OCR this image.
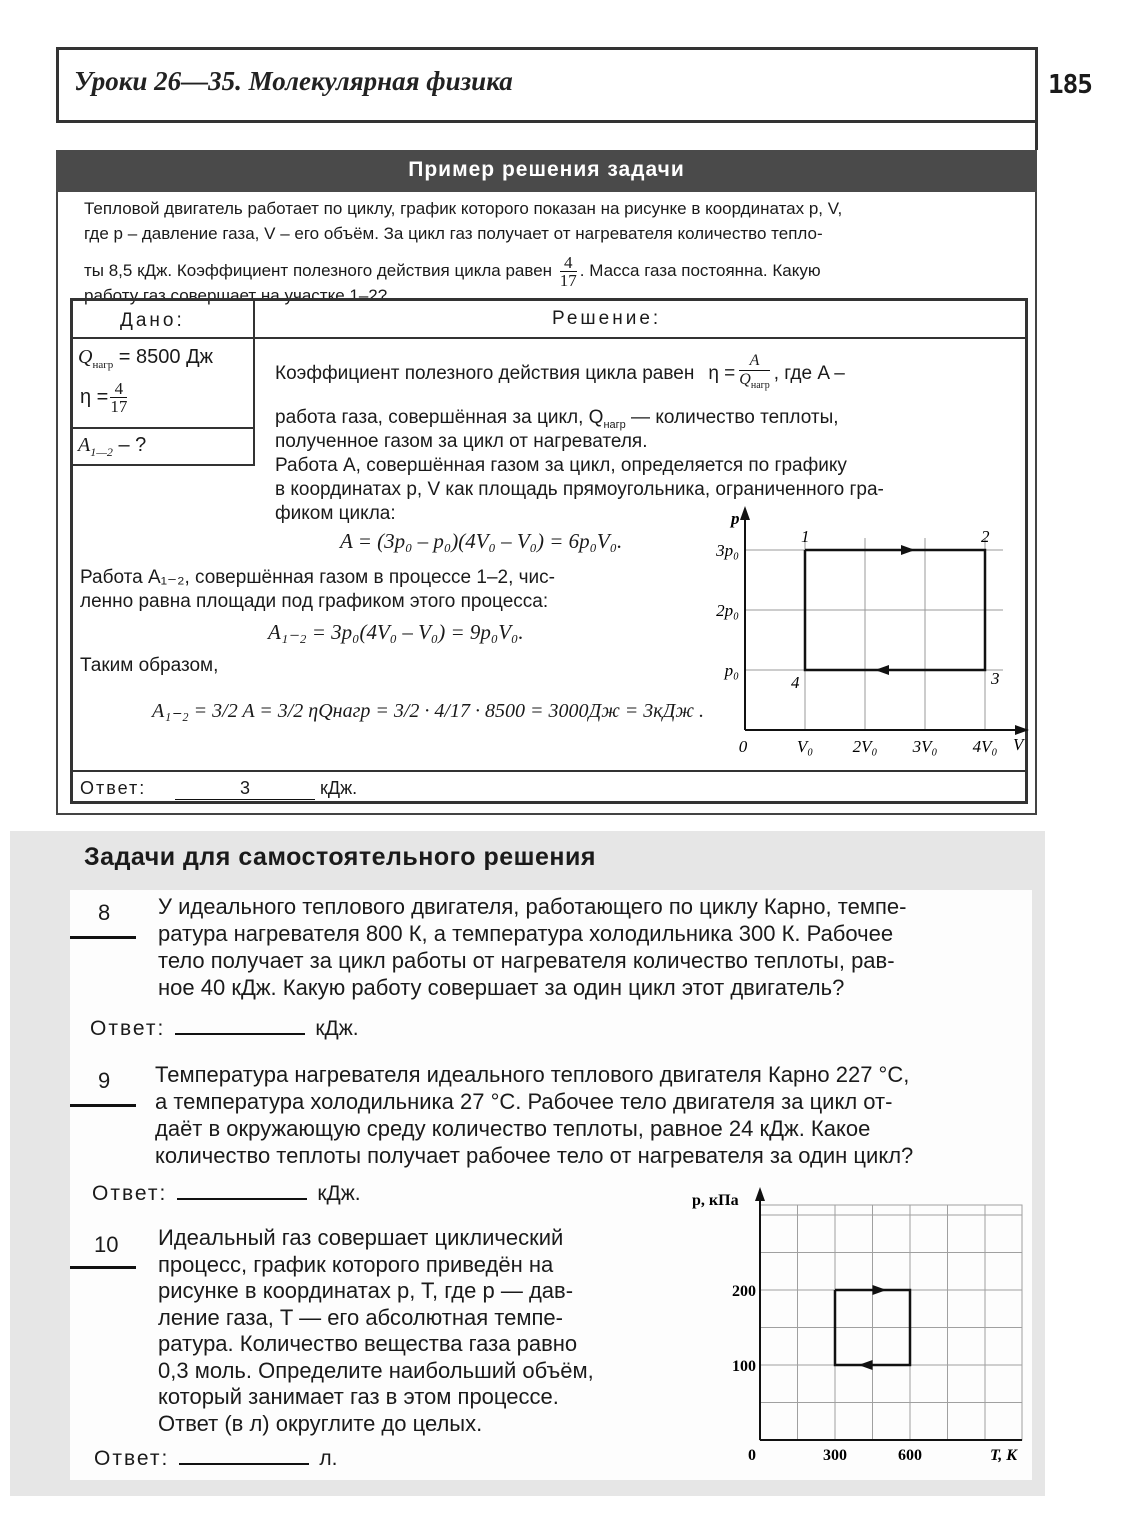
Уроки 26—35. Молекулярная физика	185
Пример решения задачи
Тепловой двигатель работает по циклу, график которого показан на рисунке в координатах p, V,
где p – давление газа, V – его объём. За цикл газ получает от нагревателя количество тепло-
ты 8,5 кДж. Коэффициент полезного действия цикла равен $\frac{4}{17}$ . Масса газа постоянна. Какую
работу газ совершает на участке 1–2?
Дано:	Решение:
$Q_{нагр} = 8500$ Дж
$\eta = \frac{4}{17}$
$A_{1—2}$ – ?
Коэффициент полезного действия цикла равен η =
A
$Q_{нагр}$
, где A –
работа газа, совершённая за цикл, $Q_{нагр}$ — количество теплоты,
полученное газом за цикл от нагревателя.
Работа A, совершённая газом за цикл, определяется по графику
в координатах p, V как площадь прямоугольника, ограниченного гра-
фиком цикла:
A = (3p₀ – p₀)(4V₀ – V₀) = 6p₀V₀.
Работа A₁₋₂, совершённая газом в процессе 1–2, чис-
ленно равна площади под графиком этого процесса:
A₁₋₂ = 3p₀(4V₀ – V₀) = 9p₀V₀.
Таким образом,
A₁₋₂ = 3/2 A = 3/2 ηQнагр = 3/2 · 4/17 · 8500 = 3000Дж = 3кДж .
Ответ:	3	кДж.
0	V₀ 2V₀ 3V₀ 4V₀
p₀
2p₀
3p₀
V
p
1	2
3
4
Задачи для самостоятельного решения
8 У идеального теплового двигателя, работающего по циклу Карно, темпе-
ратура нагревателя 800 К, а температура холодильника 300 К. Рабочее
тело получает за цикл работы от нагревателя количество теплоты, рав-
ное 40 кДж. Какую работу совершает за один цикл этот двигатель?
Ответ:	кДж.
9 Температура нагревателя идеального теплового двигателя Карно 227 °С,
а температура холодильника 27 °С. Рабочее тело двигателя за цикл от-
даёт в окружающую среду количество теплоты, равное 24 кДж. Какое
количество теплоты получает рабочее тело от нагревателя за один цикл?
Ответ:	кДж.
10 Идеальный газ совершает циклический
процесс, график которого приведён на
рисунке в координатах p, T, где p — дав-
ление газа, T — его абсолютная темпе-
ратура. Количество вещества газа равно
0,3 моль. Определите наибольший объём,
который занимает газ в этом процессе.
Ответ (в л) округлите до целых.
Ответ:	л.	0	300	600
100
200
T, К
p, кПа
